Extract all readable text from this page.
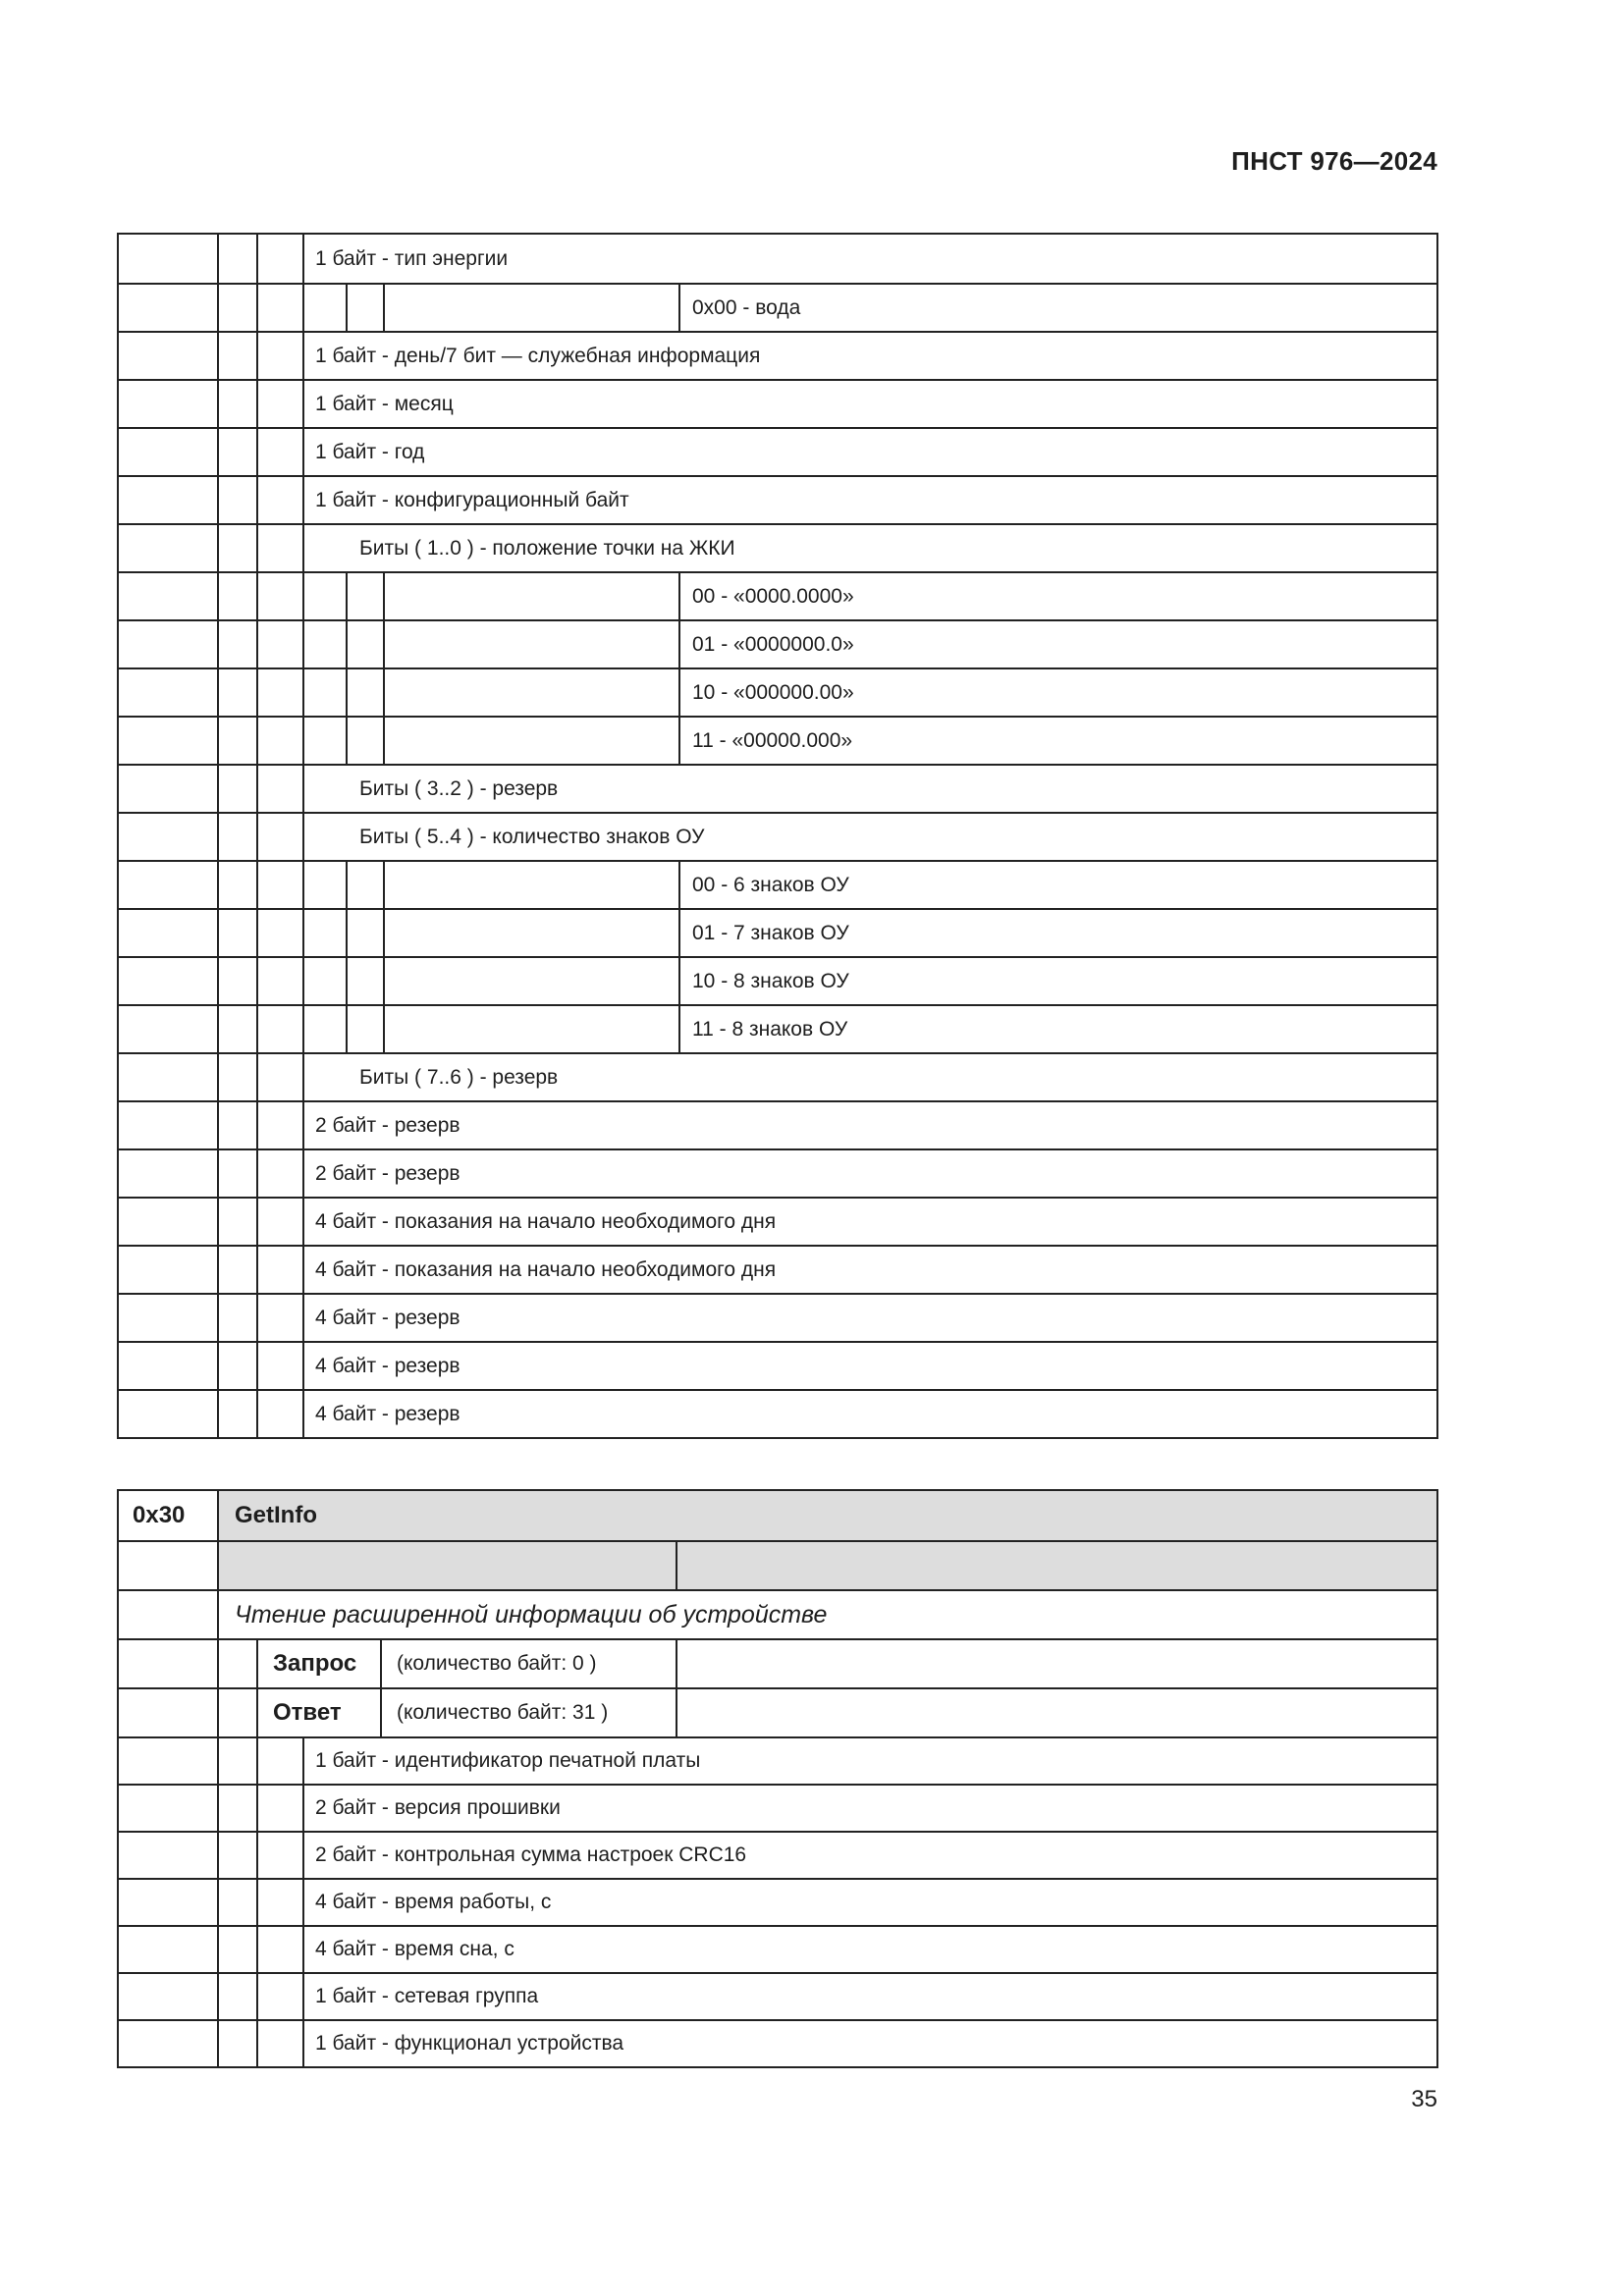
ПНСТ 976—2024
1 байт - тип энергии
0x00 - вода
1 байт - день/7 бит — служебная информация
1 байт - месяц
1 байт - год
1 байт - конфигурационный байт
Биты ( 1..0 ) - положение точки на ЖКИ
00 - «0000.0000»
01 - «0000000.0»
10 - «000000.00»
11 - «00000.000»
Биты ( 3..2 ) - резерв
Биты ( 5..4 ) - количество знаков ОУ
00 - 6 знаков ОУ
01 - 7 знаков ОУ
10 - 8 знаков ОУ
11 - 8 знаков ОУ
Биты ( 7..6 ) - резерв
2 байт - резерв
2 байт - резерв
4 байт - показания на начало необходимого дня
4 байт - показания на начало необходимого дня
4 байт - резерв
4 байт - резерв
4 байт - резерв
0x30 GetInfo
Чтение расширенной информации об устройстве
Запрос (количество байт: 0 )
Ответ	(количество байт: 31 )
1 байт - идентификатор печатной платы
2 байт - версия прошивки
2 байт - контрольная сумма настроек CRC16
4 байт - время работы, с
4 байт - время сна, с
1 байт - сетевая группа
1 байт - функционал устройства
35
